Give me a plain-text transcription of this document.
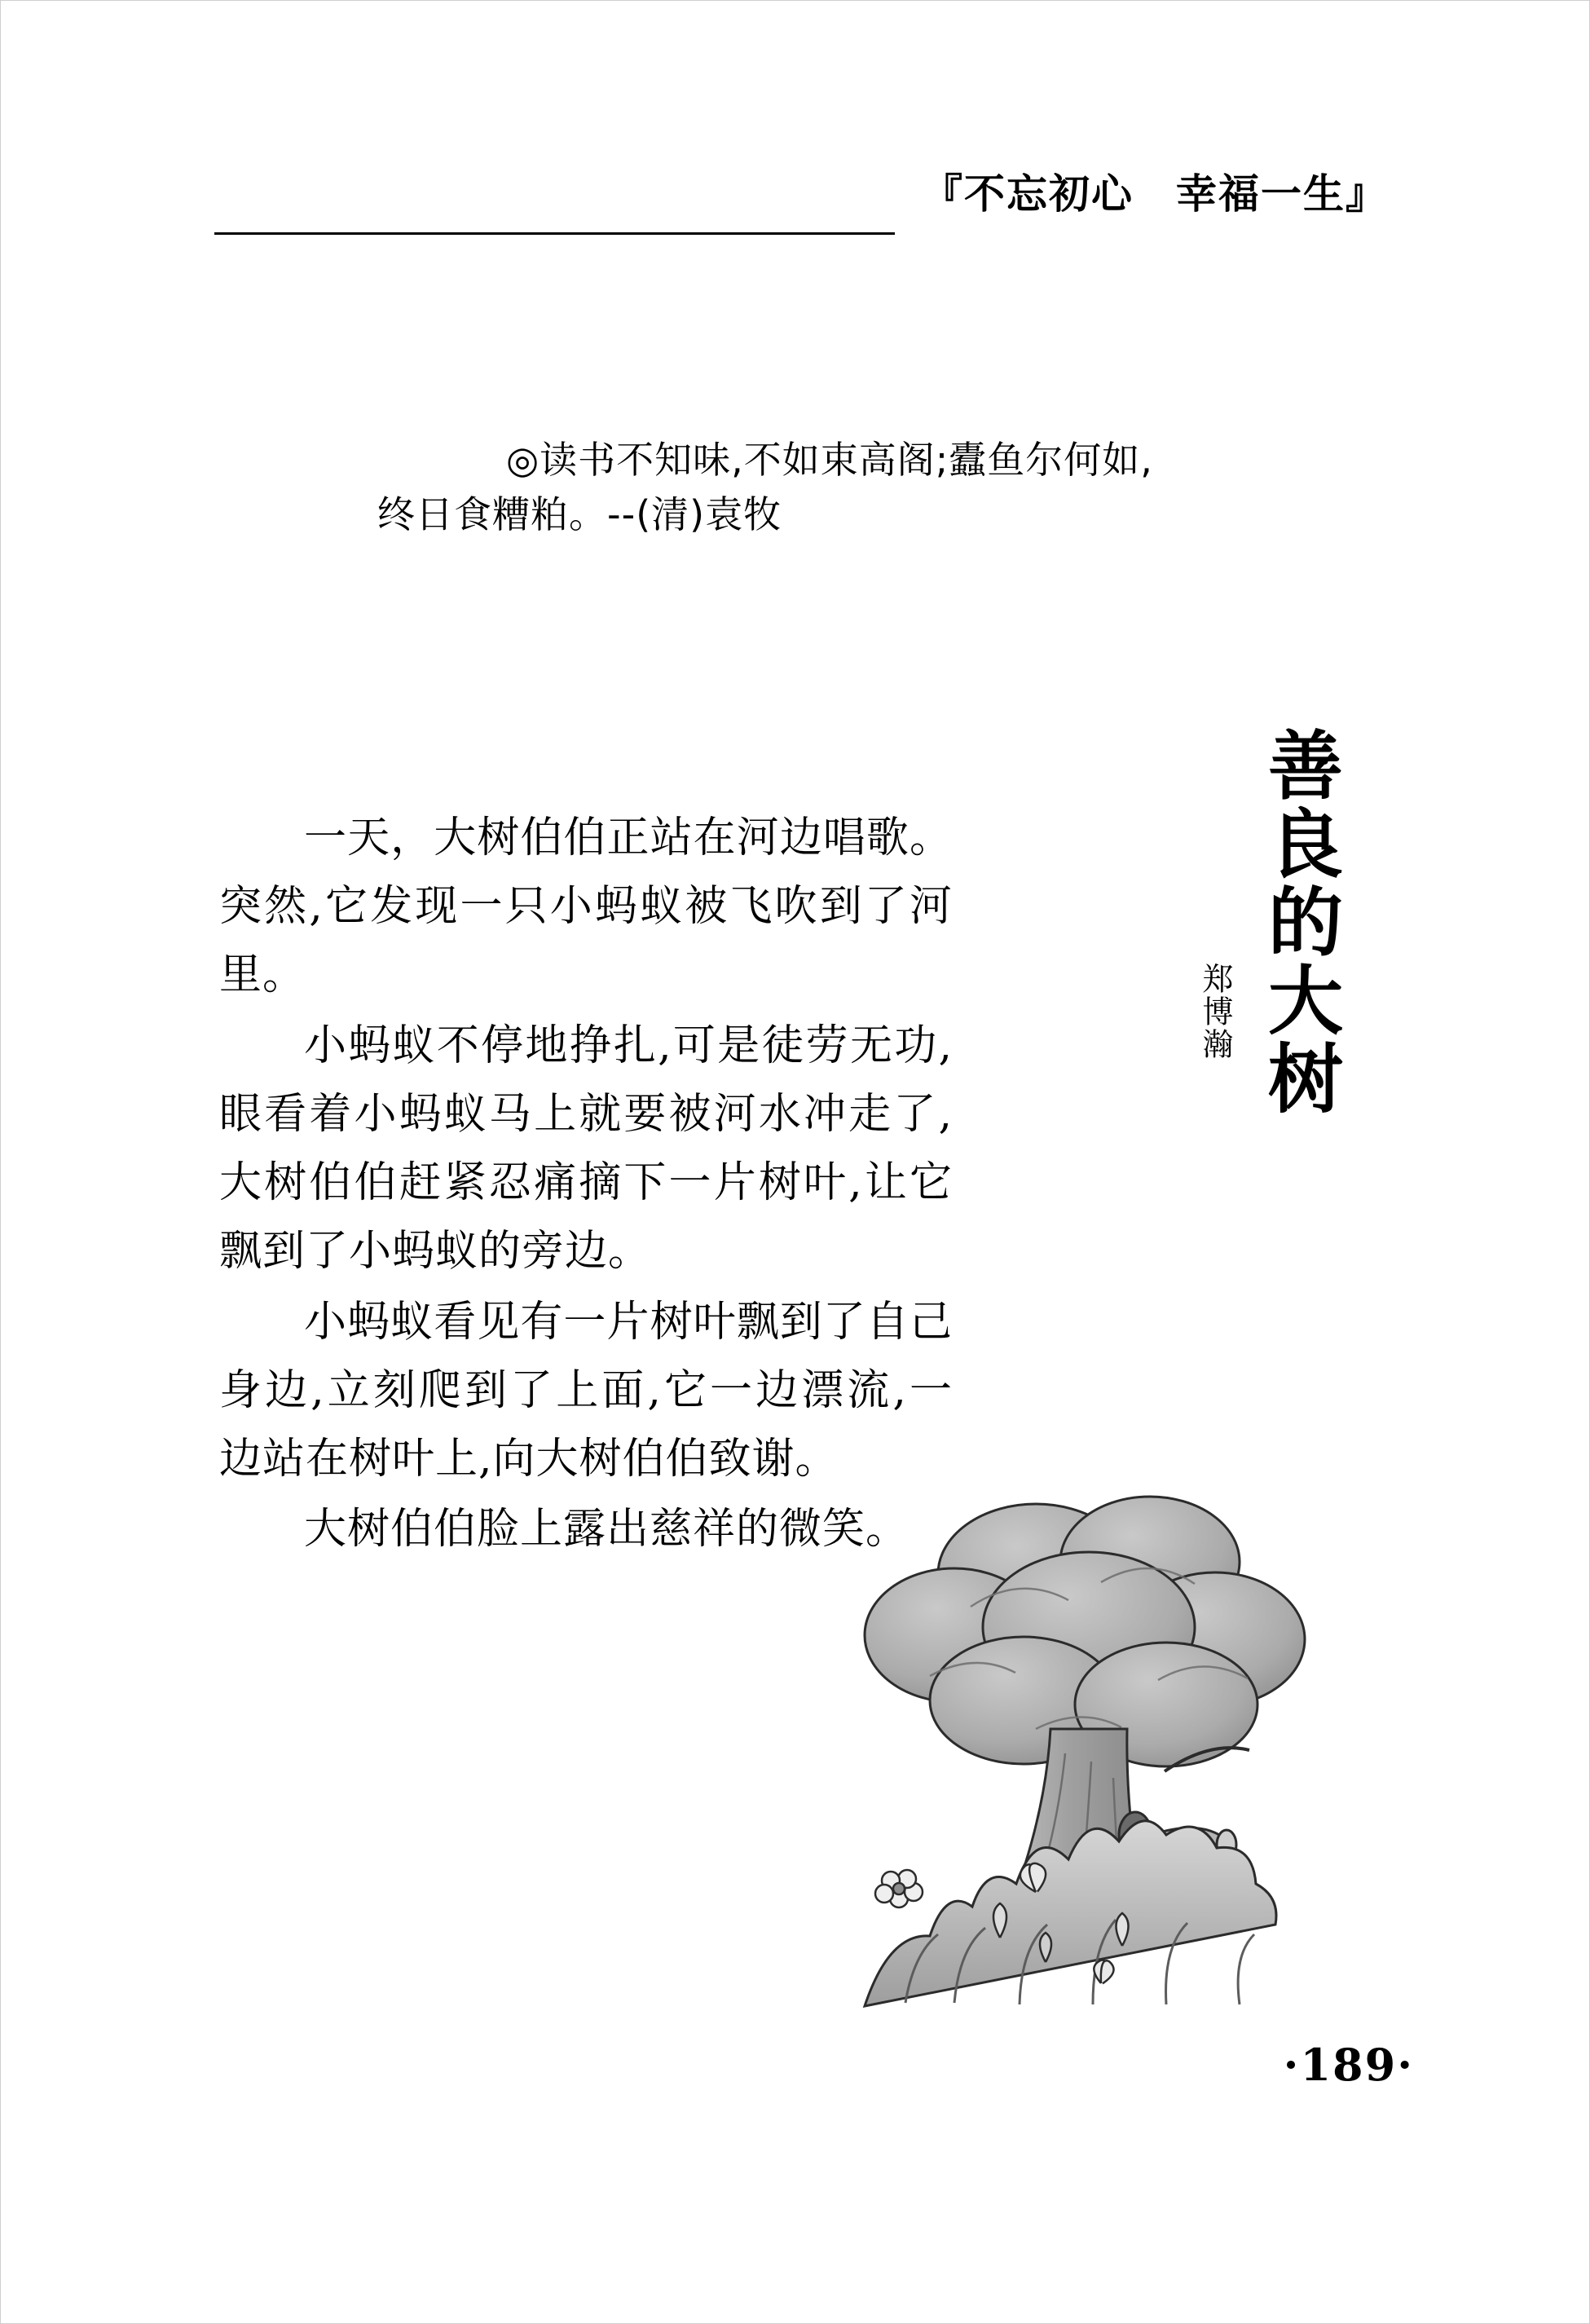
『不忘初心　幸福一生』
◎读书不知味,不如束高阁;蠹鱼尔何如,
终日食糟粕。--(清)袁牧
善良的大树
郑博瀚

一天，大树伯伯正站在河边唱歌。突然,它发现一只小蚂蚁被飞吹到了河里。

小蚂蚁不停地挣扎,可是徒劳无功,眼看着小蚂蚁马上就要被河水冲走了,大树伯伯赶紧忍痛摘下一片树叶,让它飘到了小蚂蚁的旁边。

小蚂蚁看见有一片树叶飘到了自己身边,立刻爬到了上面,它一边漂流,一边站在树叶上,向大树伯伯致谢。

大树伯伯脸上露出慈祥的微笑。

·189·
